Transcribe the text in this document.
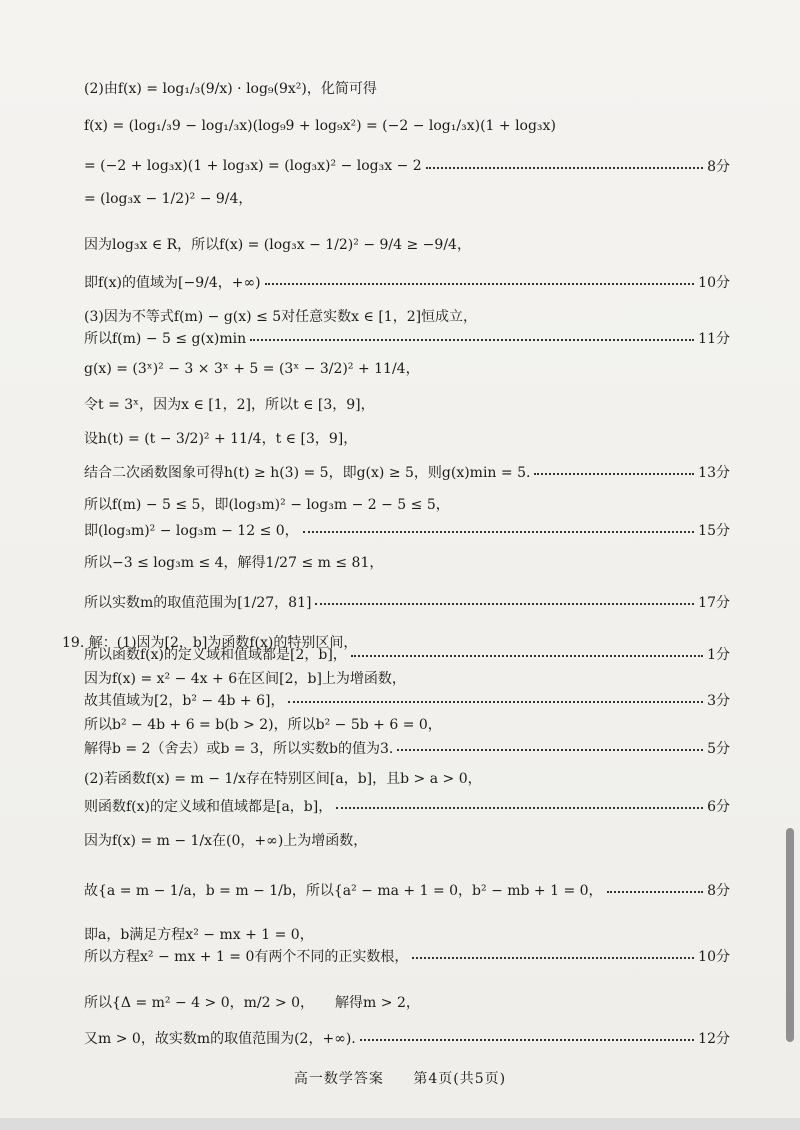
(2)由f(x) = log₁/₃(9/x) · log₉(9x²)，化简可得
f(x) = (log₁/₃9 − log₁/₃x)(log₉9 + log₉x²) = (−2 − log₁/₃x)(1 + log₃x)
= (−2 + log₃x)(1 + log₃x) = (log₃x)² − log₃x − 2	8分
= (log₃x − 1/2)² − 9/4，
因为log₃x ∈ R，所以f(x) = (log₃x − 1/2)² − 9/4 ≥ −9/4，
即f(x)的值域为[−9/4，+∞)	10分
(3)因为不等式f(m) − g(x) ≤ 5对任意实数x ∈ [1，2]恒成立，
所以f(m) − 5 ≤ g(x)min	11分
g(x) = (3ˣ)² − 3 × 3ˣ + 5 = (3ˣ − 3/2)² + 11/4，
令t = 3ˣ，因为x ∈ [1，2]，所以t ∈ [3，9]，
设h(t) = (t − 3/2)² + 11/4，t ∈ [3，9]，
结合二次函数图象可得h(t) ≥ h(3) = 5，即g(x) ≥ 5，则g(x)min = 5.	13分
所以f(m) − 5 ≤ 5，即(log₃m)² − log₃m − 2 − 5 ≤ 5，
即(log₃m)² − log₃m − 12 ≤ 0，	15分
所以−3 ≤ log₃m ≤ 4，解得1/27 ≤ m ≤ 81，
所以实数m的取值范围为[1/27，81]	17分
19. 解：(1)因为[2，b]为函数f(x)的特别区间，
所以函数f(x)的定义域和值域都是[2，b]，	1分
因为f(x) = x² − 4x + 6在区间[2，b]上为增函数，
故其值域为[2，b² − 4b + 6]，	3分
所以b² − 4b + 6 = b(b > 2)，所以b² − 5b + 6 = 0，
解得b = 2（舍去）或b = 3，所以实数b的值为3.	5分
(2)若函数f(x) = m − 1/x存在特别区间[a，b]，且b > a > 0，
则函数f(x)的定义域和值域都是[a，b]，	6分
因为f(x) = m − 1/x在(0，+∞)上为增函数，
故{a = m − 1/a，b = m − 1/b，所以{a² − ma + 1 = 0，b² − mb + 1 = 0，	8分
即a，b满足方程x² − mx + 1 = 0，
所以方程x² − mx + 1 = 0有两个不同的正实数根，	10分
所以{Δ = m² − 4 > 0，m/2 > 0，　　解得m > 2，
又m > 0，故实数m的取值范围为(2，+∞).	12分
高一数学答案 第4页(共5页)
